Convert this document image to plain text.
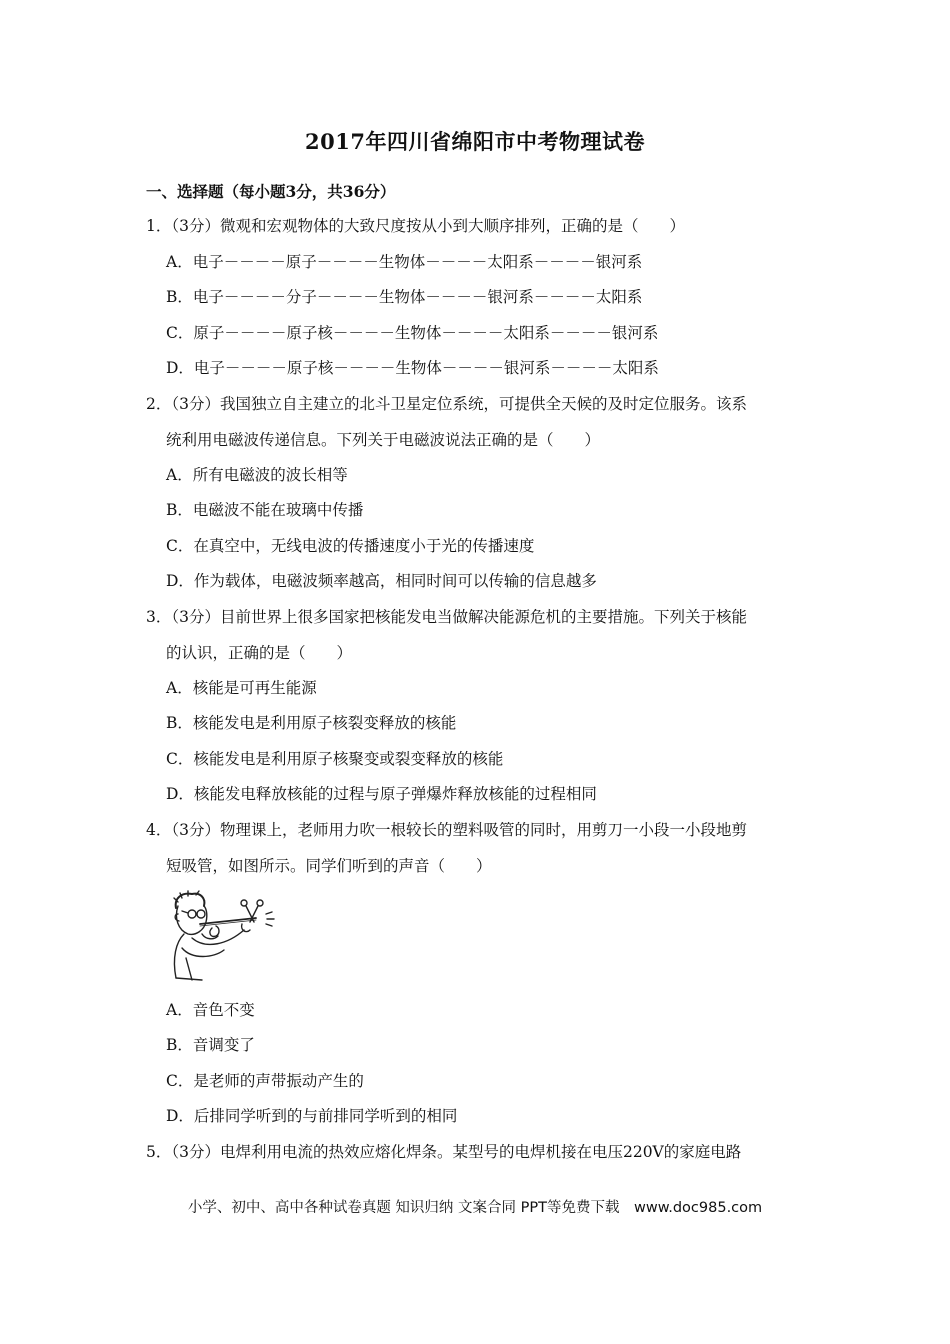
2017年四川省绵阳市中考物理试卷
一、选择题（每小题3分，共36分）
1．（3分）微观和宏观物体的大致尺度按从小到大顺序排列，正确的是（　　）
A．电子－－－－原子－－－－生物体－－－－太阳系－－－－银河系
B．电子－－－－分子－－－－生物体－－－－银河系－－－－太阳系
C．原子－－－－原子核－－－－生物体－－－－太阳系－－－－银河系
D．电子－－－－原子核－－－－生物体－－－－银河系－－－－太阳系
2．（3分）我国独立自主建立的北斗卫星定位系统，可提供全天候的及时定位服务。该系
统利用电磁波传递信息。下列关于电磁波说法正确的是（　　）
A．所有电磁波的波长相等
B．电磁波不能在玻璃中传播
C．在真空中，无线电波的传播速度小于光的传播速度
D．作为载体，电磁波频率越高，相同时间可以传输的信息越多
3．（3分）目前世界上很多国家把核能发电当做解决能源危机的主要措施。下列关于核能
的认识，正确的是（　　）
A．核能是可再生能源
B．核能发电是利用原子核裂变释放的核能
C．核能发电是利用原子核聚变或裂变释放的核能
D．核能发电释放核能的过程与原子弹爆炸释放核能的过程相同
4．（3分）物理课上，老师用力吹一根较长的塑料吸管的同时，用剪刀一小段一小段地剪
短吸管，如图所示。同学们听到的声音（　　）
A．音色不变
B．音调变了
C．是老师的声带振动产生的
D．后排同学听到的与前排同学听到的相同
5．（3分）电焊利用电流的热效应熔化焊条。某型号的电焊机接在电压220V的家庭电路
小学、初中、高中各种试卷真题 知识归纳 文案合同 PPT等免费下载　www.doc985.com
